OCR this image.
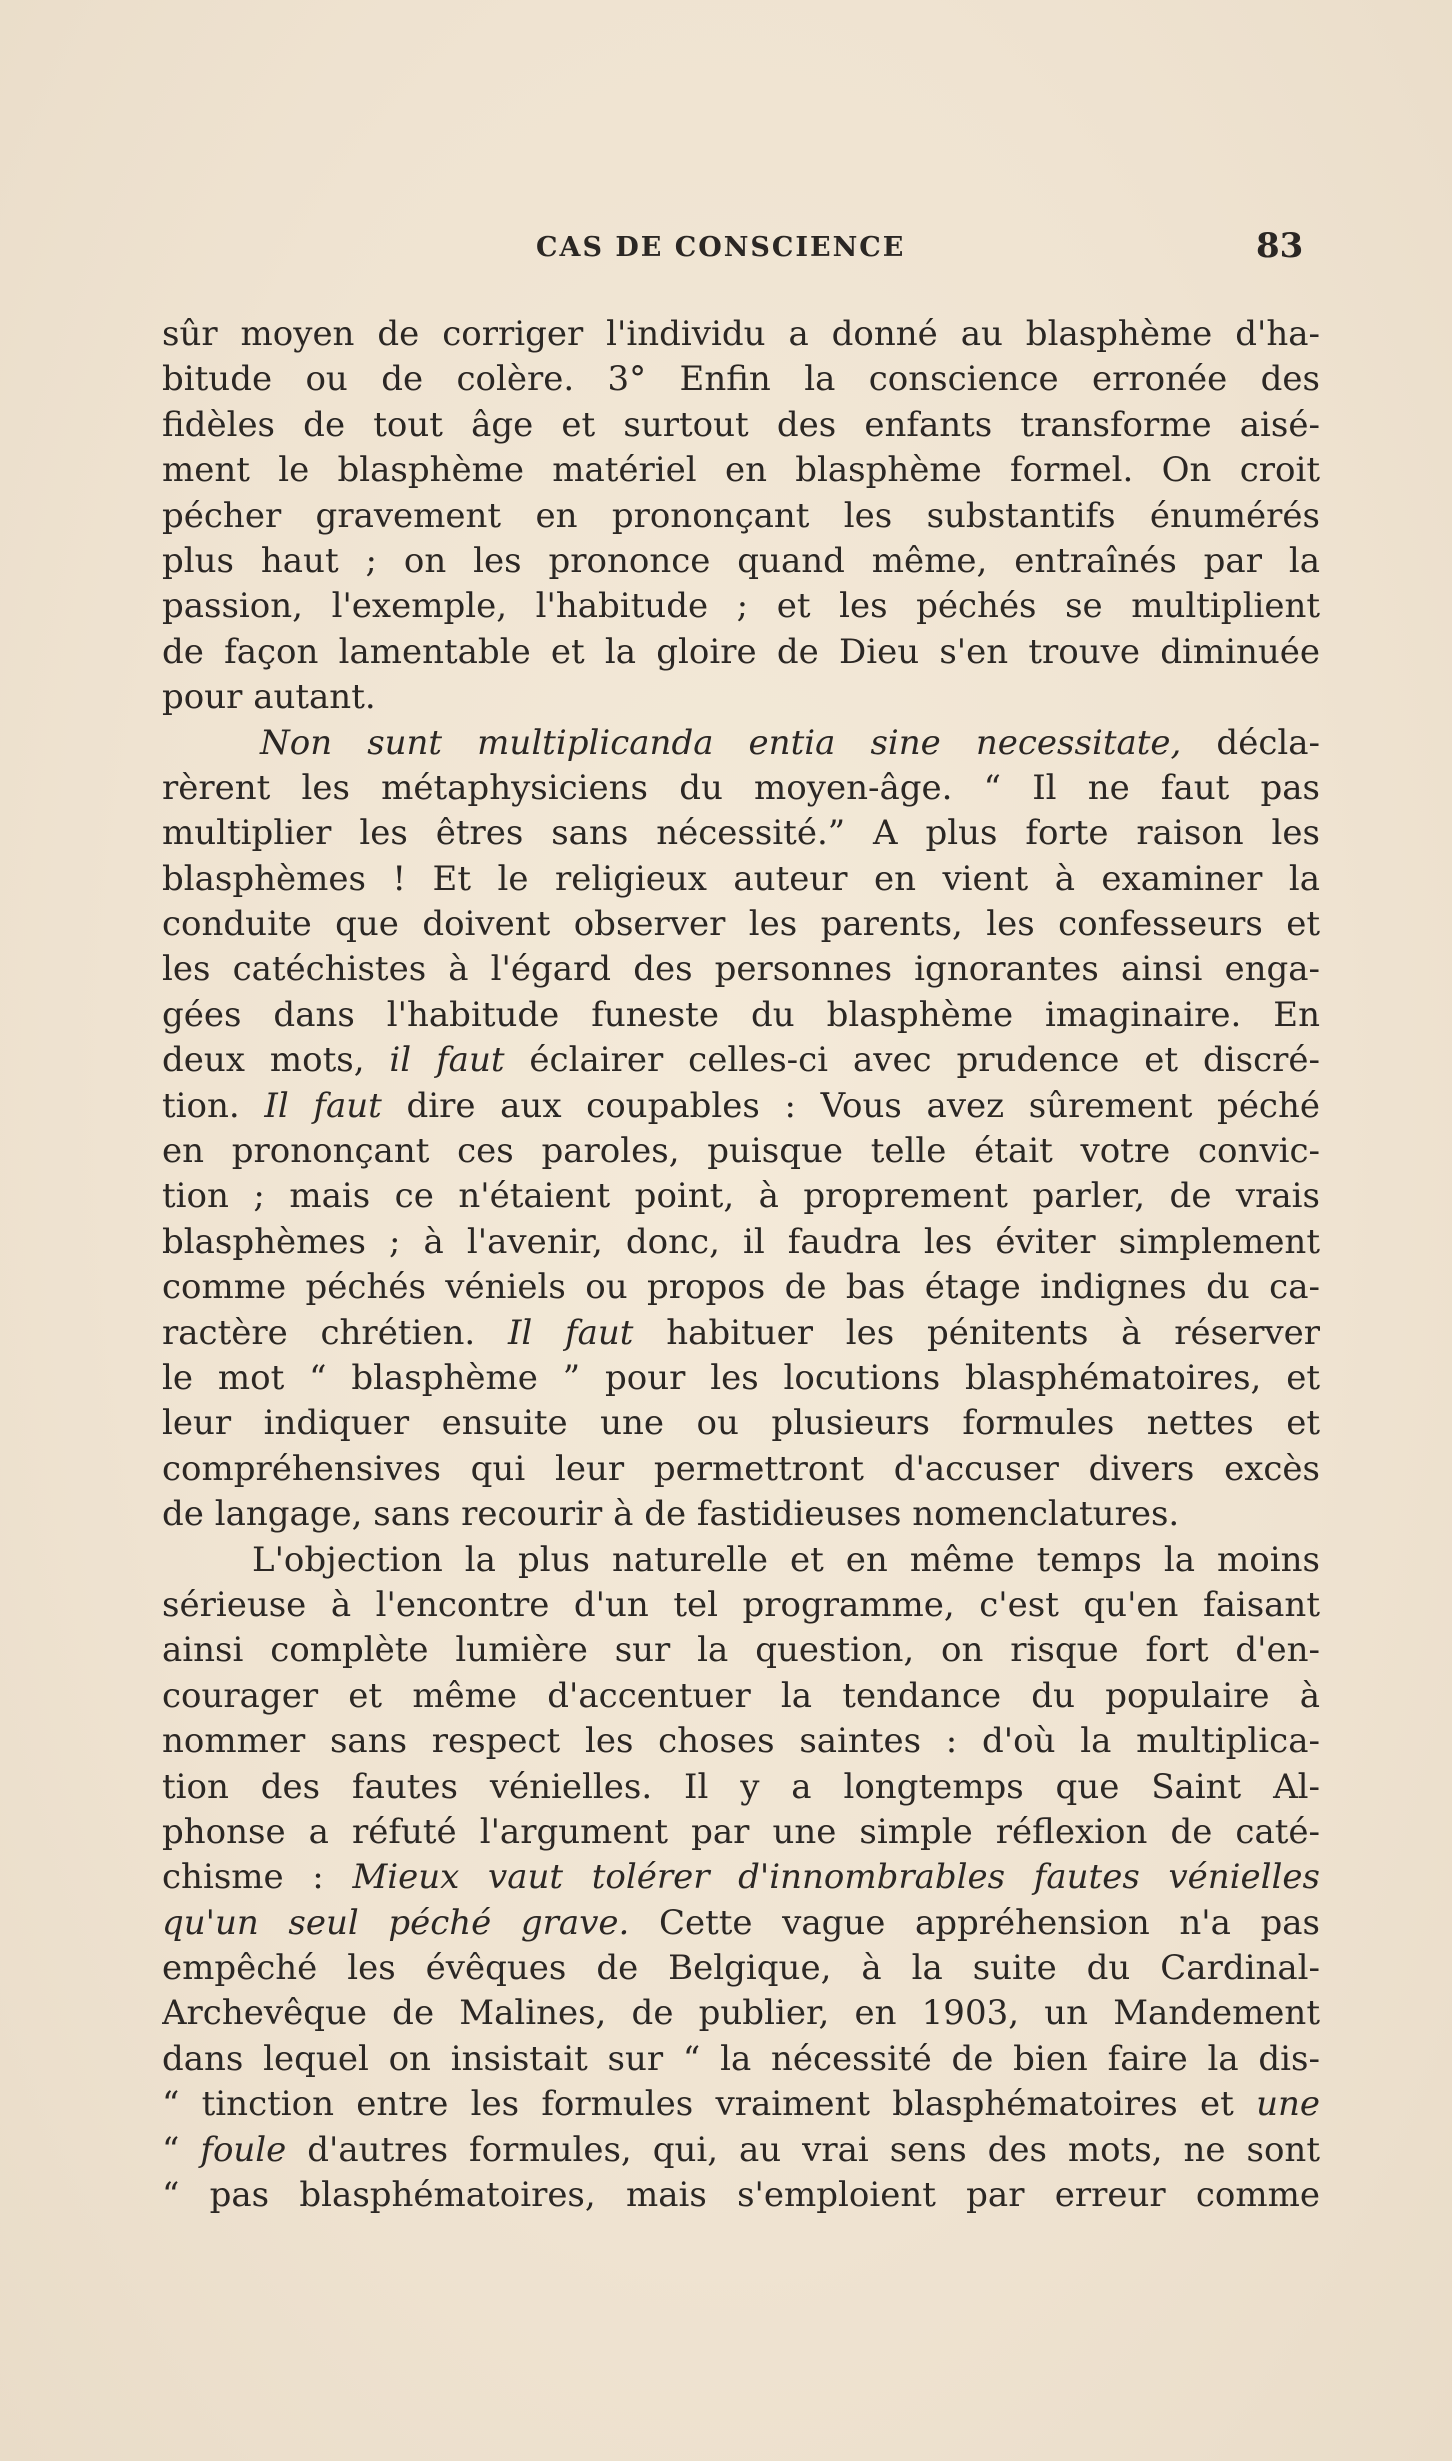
CAS DE CONSCIENCE	83
sûr moyen de corriger l'individu a donné au blasphème d'ha-
bitude ou de colère. 3° Enfin la conscience erronée des
fidèles de tout âge et surtout des enfants transforme aisé-
ment le blasphème matériel en blasphème formel. On croit
pécher gravement en prononçant les substantifs énumérés
plus haut ; on les prononce quand même, entraînés par la
passion, l'exemple, l'habitude ; et les péchés se multiplient
de façon lamentable et la gloire de Dieu s'en trouve diminuée
pour autant.
Non sunt multiplicanda entia sine necessitate, décla-
rèrent les métaphysiciens du moyen-âge. “ Il ne faut pas
multiplier les êtres sans nécessité.” A plus forte raison les
blasphèmes ! Et le religieux auteur en vient à examiner la
conduite que doivent observer les parents, les confesseurs et
les catéchistes à l'égard des personnes ignorantes ainsi enga-
gées dans l'habitude funeste du blasphème imaginaire. En
deux mots, il faut éclairer celles-ci avec prudence et discré-
tion. Il faut dire aux coupables : Vous avez sûrement péché
en prononçant ces paroles, puisque telle était votre convic-
tion ; mais ce n'étaient point, à proprement parler, de vrais
blasphèmes ; à l'avenir, donc, il faudra les éviter simplement
comme péchés véniels ou propos de bas étage indignes du ca-
ractère chrétien. Il faut habituer les pénitents à réserver
le mot “ blasphème ” pour les locutions blasphématoires, et
leur indiquer ensuite une ou plusieurs formules nettes et
compréhensives qui leur permettront d'accuser divers excès
de langage, sans recourir à de fastidieuses nomenclatures.
L'objection la plus naturelle et en même temps la moins
sérieuse à l'encontre d'un tel programme, c'est qu'en faisant
ainsi complète lumière sur la question, on risque fort d'en-
courager et même d'accentuer la tendance du populaire à
nommer sans respect les choses saintes : d'où la multiplica-
tion des fautes vénielles. Il y a longtemps que Saint Al-
phonse a réfuté l'argument par une simple réflexion de caté-
chisme : Mieux vaut tolérer d'innombrables fautes vénielles
qu'un seul péché grave. Cette vague appréhension n'a pas
empêché les évêques de Belgique, à la suite du Cardinal-
Archevêque de Malines, de publier, en 1903, un Mandement
dans lequel on insistait sur “ la nécessité de bien faire la dis-
“ tinction entre les formules vraiment blasphématoires et une
“ foule d'autres formules, qui, au vrai sens des mots, ne sont
“ pas blasphématoires, mais s'emploient par erreur comme
